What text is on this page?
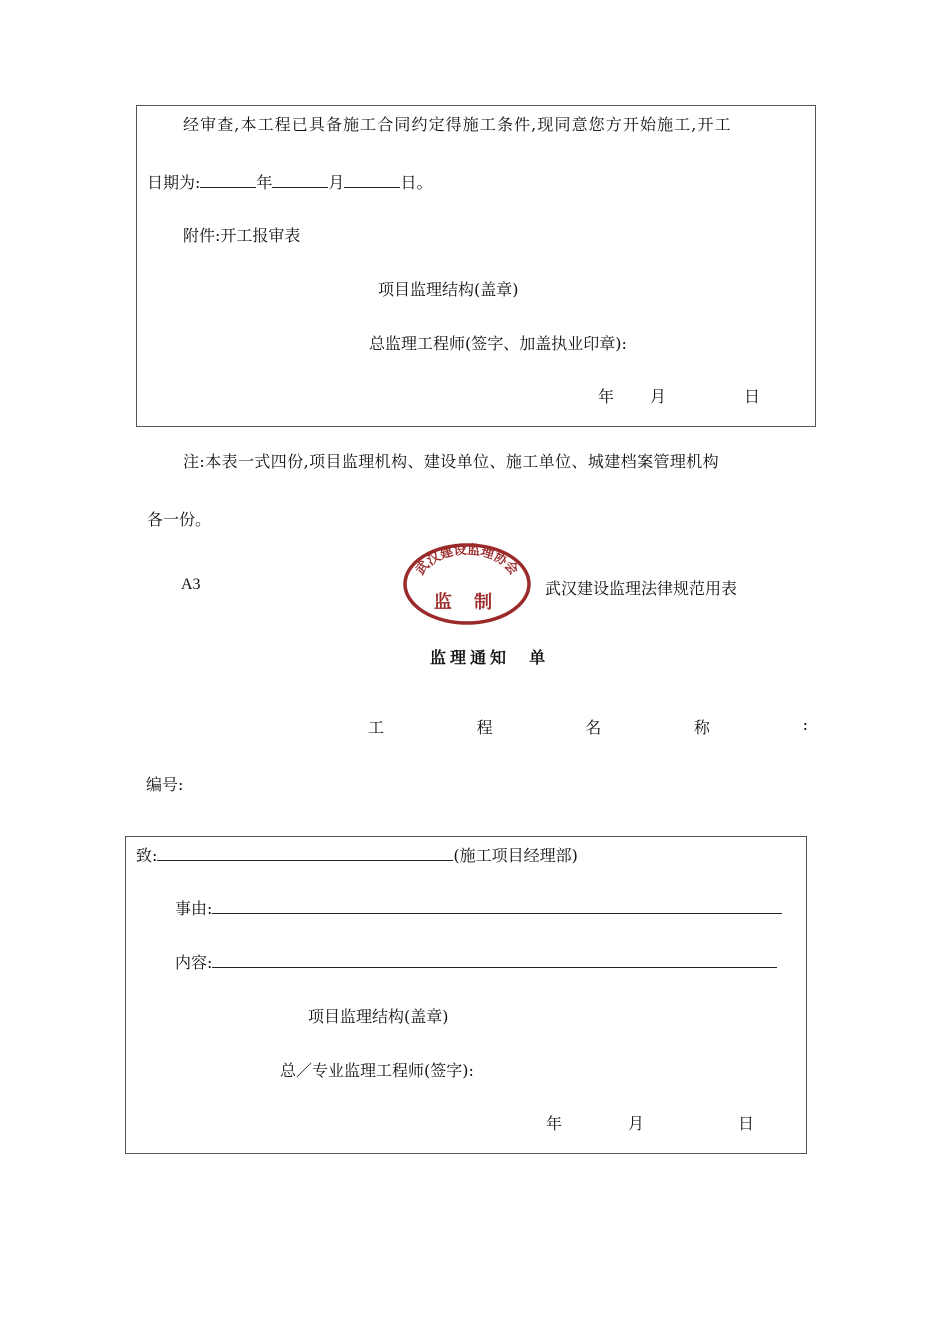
经审查,本工程已具备施工合同约定得施工条件,现同意您方开始施工,开工
日期为:	年	月	日。
附件:开工报审表
项目监理结构(盖章)
总监理工程师(签字、加盖执业印章):
年 月	日
注:本表一式四份,项目监理机构、建设单位、施工单位、城建档案管理机构
各一份。
A3
武汉建设监理协会
监 制
武汉建设监理法律规范用表
监理通知  单
工	程	名	称	:
编号:
致:	(施工项目经理部)
事由:
内容:
项目监理结构(盖章)
总／专业监理工程师(签字):
年	月	日
